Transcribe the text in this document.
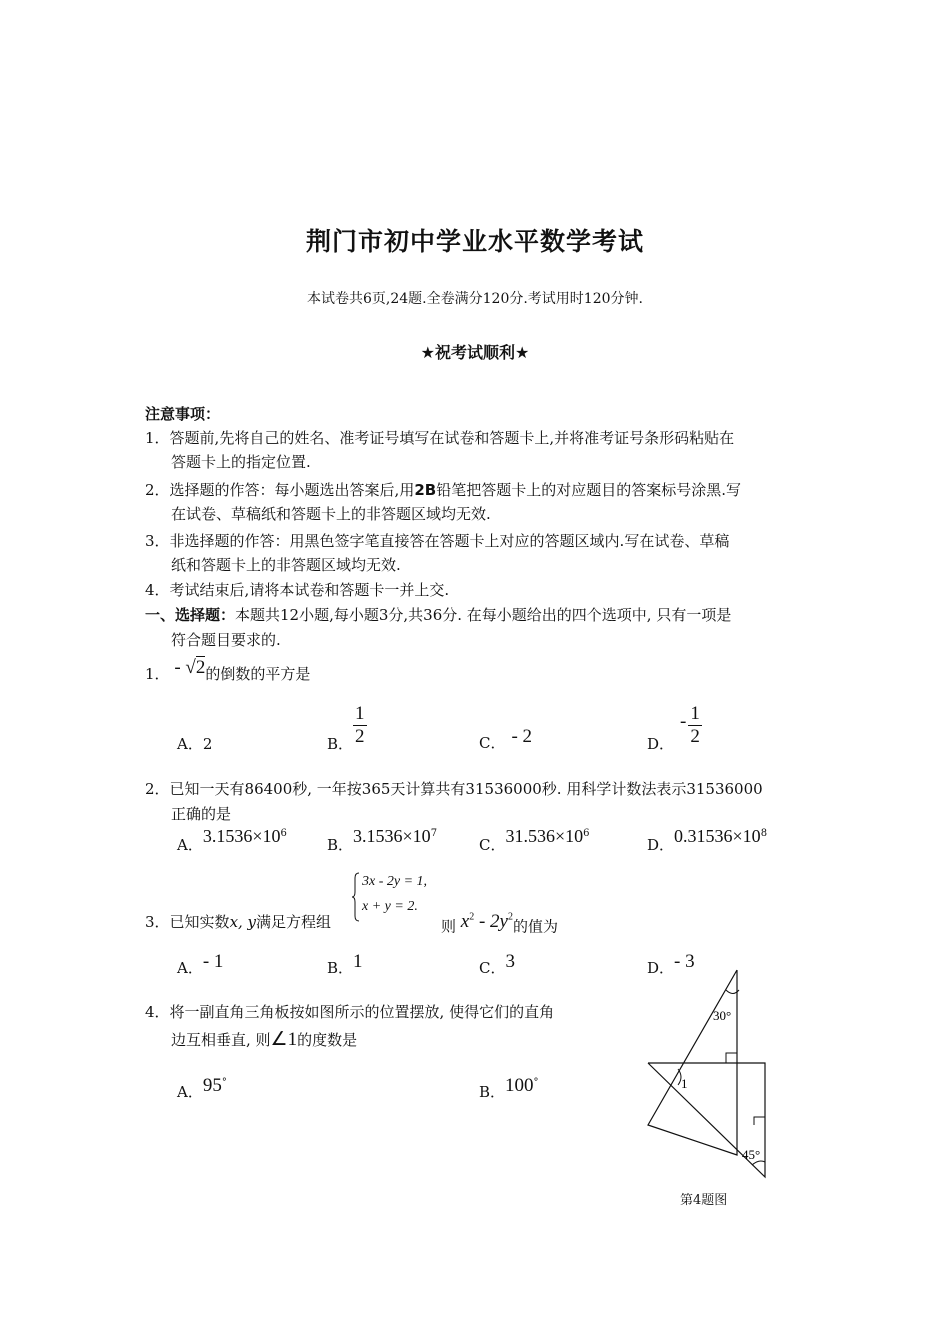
荆门市初中学业水平数学考试
本试卷共6页,24题.全卷满分120分.考试用时120分钟.
★祝考试顺利★
注意事项：
1．答题前,先将自己的姓名、准考证号填写在试卷和答题卡上,并将准考证号条形码粘贴在
答题卡上的指定位置.
2．选择题的作答：每小题选出答案后,用2B铅笔把答题卡上的对应题目的答案标号涂黑.写
在试卷、草稿纸和答题卡上的非答题区域均无效.
3．非选择题的作答：用黑色签字笔直接答在答题卡上对应的答题区域内.写在试卷、草稿
纸和答题卡上的非答题区域均无效.
4．考试结束后,请将本试卷和答题卡一并上交.
一、选择题：本题共12小题,每小题3分,共36分. 在每小题给出的四个选项中, 只有一项是
符合题目要求的.
1． - √2的倒数的平方是
A．2	B． $\frac{1}{2}$	C． - 2	D．- $\frac{1}{2}$
2．已知一天有86400秒, 一年按365天计算共有31536000秒. 用科学计数法表示31536000
正确的是
A．$3.1536\times 10^6$
B．$3.1536\times 10^7$
C．$31.536\times 10^6$
D．$0.31536\times 10^8$
3．已知实数x, y满足方程组
3x - 2y = 1,
x + y = 2.
则 $x^2 - 2y^2$的值为
A．- 1	B．1	C．3	D．- 3
4．将一副直角三角板按如图所示的位置摆放, 使得它们的直角
边互相垂直, 则∠1的度数是
A．95°
B．100°
30°
45°
1
第4题图
